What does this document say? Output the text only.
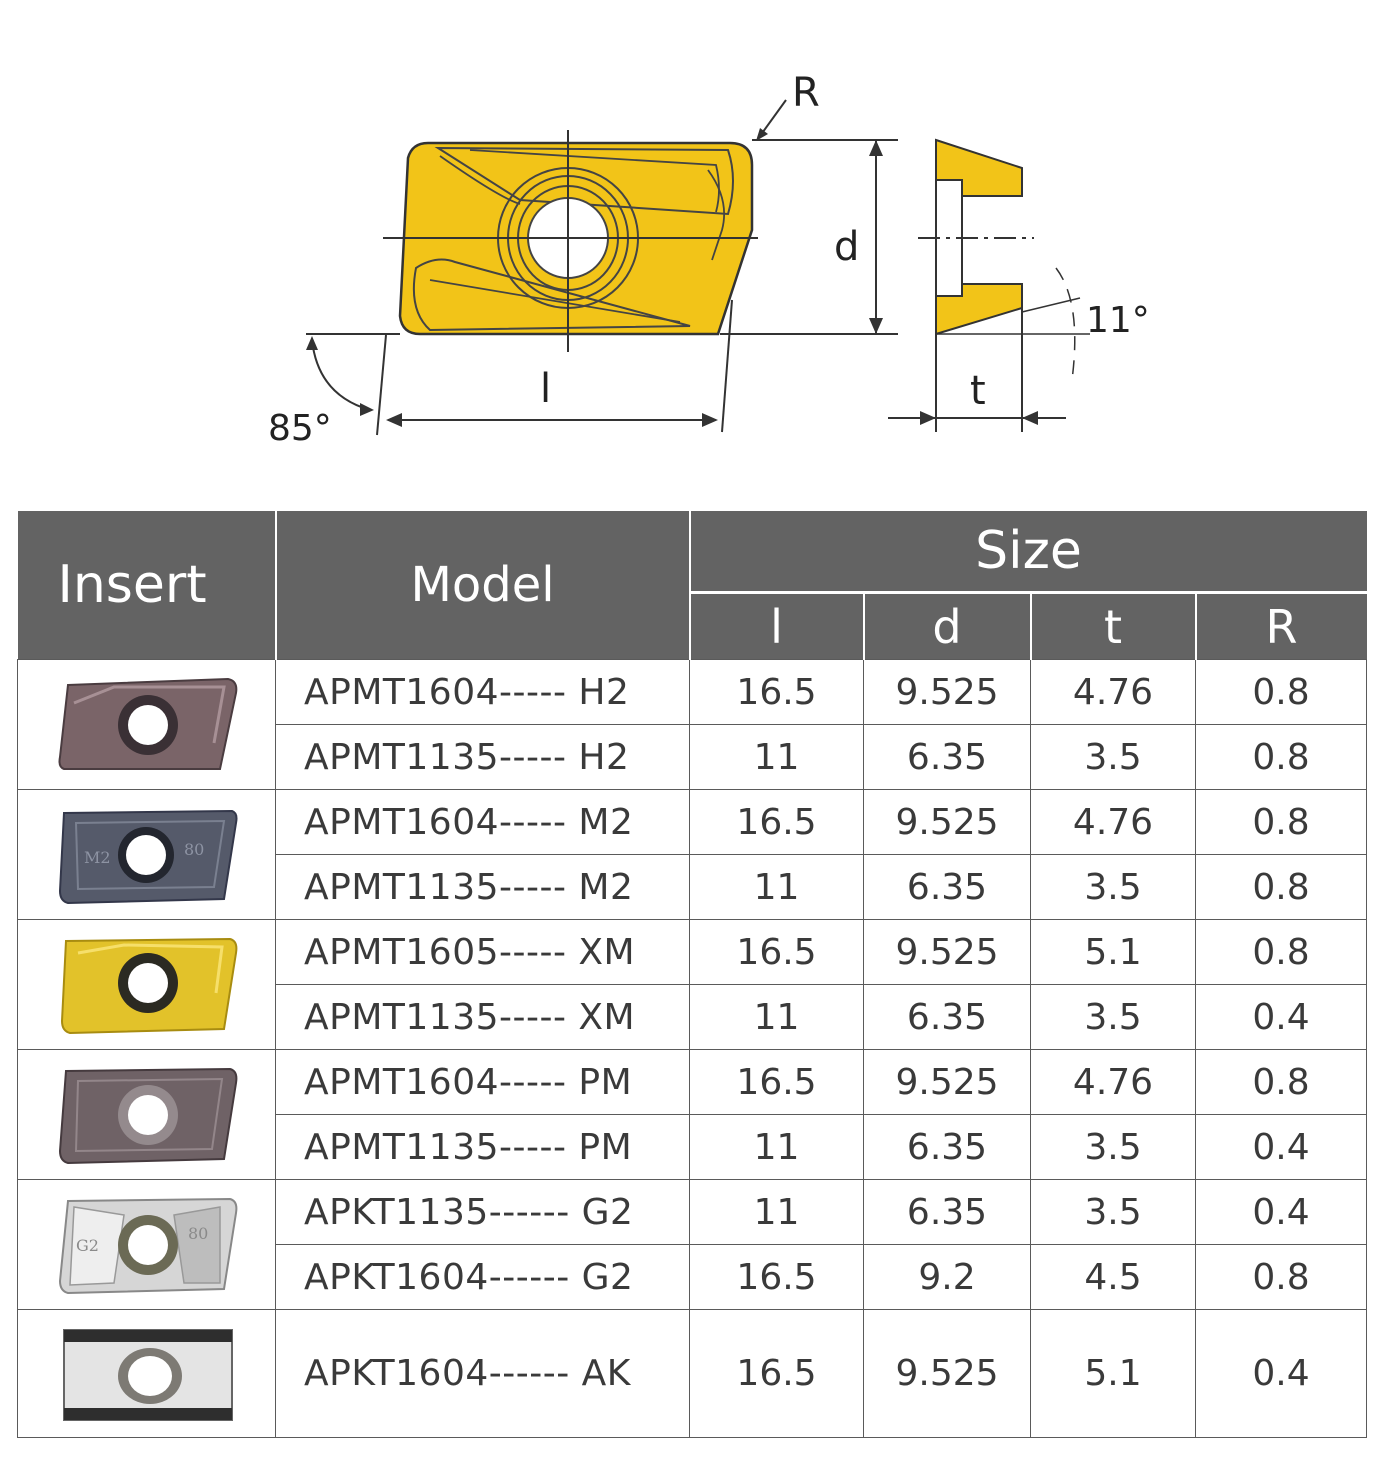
R
d
l
85°
11°
t
Insert	Model	Size			
		l	d	t	R

	APMT1604----- H2	16.5	9.525	4.76	0.8
	APMT1135----- H2	11	6.35	3.5	0.8

M2 80	APMT1604----- M2	16.5	9.525	4.76	0.8
	APMT1135----- M2	11	6.35	3.5	0.8

	APMT1605----- XM	16.5	9.525	5.1	0.8
	APMT1135----- XM	11	6.35	3.5	0.4

	APMT1604----- PM	16.5	9.525	4.76	0.8
	APMT1135----- PM	11	6.35	3.5	0.4

G2
80	APKT1135------ G2	11	6.35	3.5	0.4
	APKT1604------ G2	16.5	9.2	4.5	0.8

	APKT1604------ AK	16.5	9.525	5.1	0.4
